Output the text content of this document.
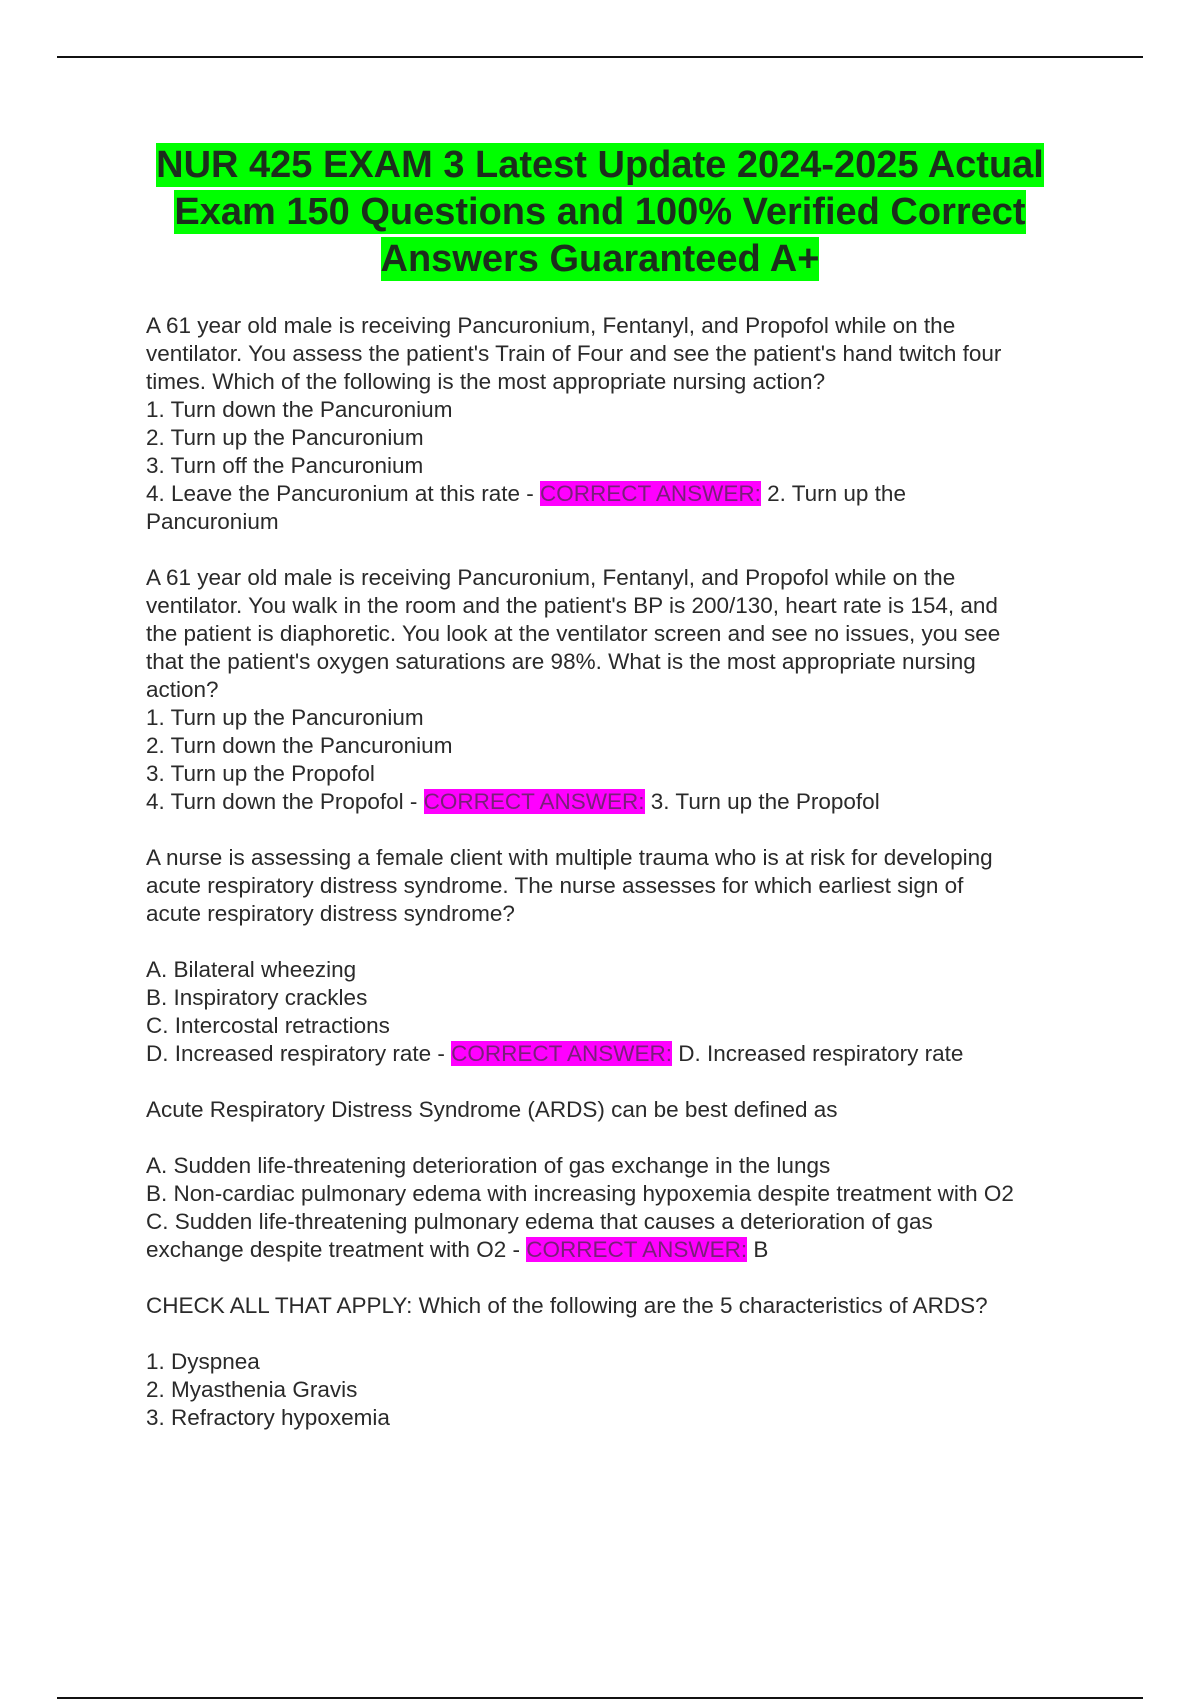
NUR 425 EXAM 3 Latest Update 2024-2025 Actual
Exam 150 Questions and 100% Verified Correct
Answers Guaranteed A+
A 61 year old male is receiving Pancuronium, Fentanyl, and Propofol while on the
ventilator. You assess the patient's Train of Four and see the patient's hand twitch four
times. Which of the following is the most appropriate nursing action?
1. Turn down the Pancuronium
2. Turn up the Pancuronium
3. Turn off the Pancuronium
4. Leave the Pancuronium at this rate - CORRECT ANSWER: 2. Turn up the
Pancuronium
A 61 year old male is receiving Pancuronium, Fentanyl, and Propofol while on the
ventilator. You walk in the room and the patient's BP is 200/130, heart rate is 154, and
the patient is diaphoretic. You look at the ventilator screen and see no issues, you see
that the patient's oxygen saturations are 98%. What is the most appropriate nursing
action?
1. Turn up the Pancuronium
2. Turn down the Pancuronium
3. Turn up the Propofol
4. Turn down the Propofol - CORRECT ANSWER: 3. Turn up the Propofol
A nurse is assessing a female client with multiple trauma who is at risk for developing
acute respiratory distress syndrome. The nurse assesses for which earliest sign of
acute respiratory distress syndrome?
A. Bilateral wheezing
B. Inspiratory crackles
C. Intercostal retractions
D. Increased respiratory rate - CORRECT ANSWER: D. Increased respiratory rate
Acute Respiratory Distress Syndrome (ARDS) can be best defined as
A. Sudden life-threatening deterioration of gas exchange in the lungs
B. Non-cardiac pulmonary edema with increasing hypoxemia despite treatment with O2
C. Sudden life-threatening pulmonary edema that causes a deterioration of gas
exchange despite treatment with O2 - CORRECT ANSWER: B
CHECK ALL THAT APPLY: Which of the following are the 5 characteristics of ARDS?
1. Dyspnea
2. Myasthenia Gravis
3. Refractory hypoxemia
